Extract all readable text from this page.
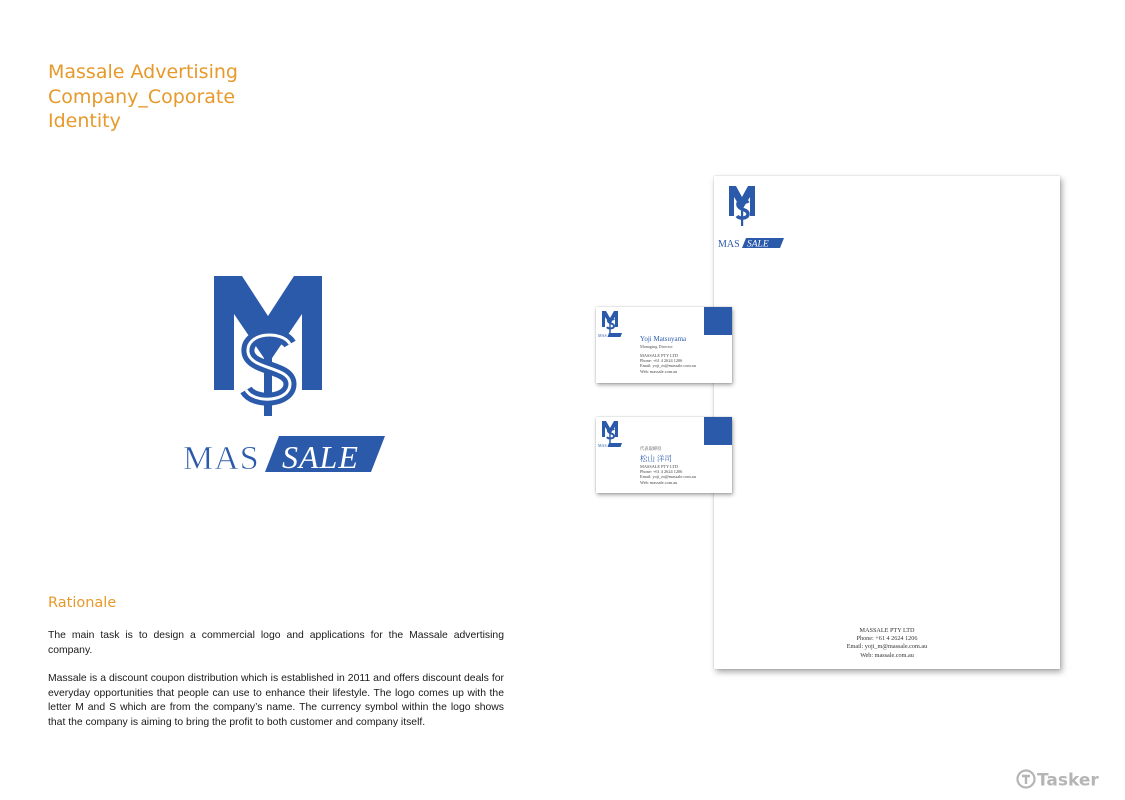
Massale Advertising
Company_Coporate
Identity
MAS SALE
Rationale

The main task is to design a commercial logo and applications for the Massale advertising company.

Massale is a discount coupon distribution which is established in 2011 and offers discount deals for everyday opportunities that people can use to enhance their lifestyle. The logo comes up with the letter M and S which are from the company’s name. The currency symbol within the logo shows that the company is aiming to bring the profit to both customer and company itself.

MAS SALE
MASSALE PTY LTD
Phone: +61 4 2624 1206
Email: yoji_m@massale.com.au
Web: massale.com.au
MAS	Yoji Matsuyama
Managing Director
MASSALE PTY LTD
Phone: +61 4 2624 1206
Email: yoji_m@massale.com.au
Web: massale.com.au
MAS
代表取締役
松山 洋司
MASSALE PTY LTD
Phone: +61 4 2624 1206
Email: yoji_m@massale.com.au
Web: massale.com.au
Tasker
